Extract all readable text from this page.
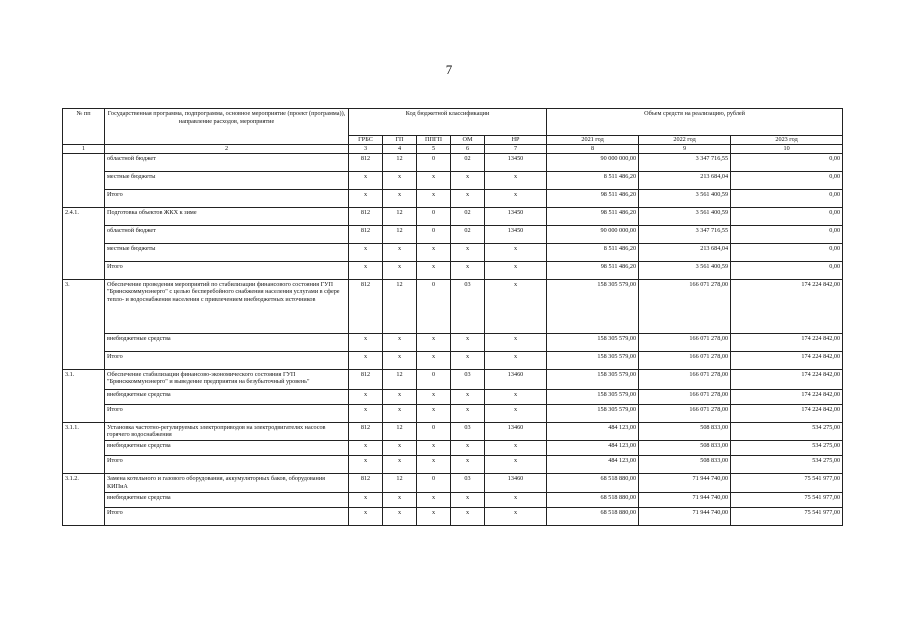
7
№ пп	Государственная программа, подпрограмма, основное мероприятие (проект (программа)), направление расходов, мероприятие	Код бюджетной классификации					Объем средств на реализацию, рублей		
		ГРБС	ГП	ППГП	ОМ	НР	2021 год	2022 год	2023 год
1	2	3	4	5	6	7	8	9	10
	областной бюджет	812	12	0	02	13450	90 000 000,00	3 347 716,55	0,00
	местные бюджеты	х	х	х	х	х	8 511 486,20	213 684,04	0,00
	Итого	х	х	х	х	х	98 511 486,20	3 561 400,59	0,00
2.4.1.	Подготовка объектов ЖКХ к зиме	812	12	0	02	13450	98 511 486,20	3 561 400,59	0,00
	областной бюджет	812	12	0	02	13450	90 000 000,00	3 347 716,55	0,00
	местные бюджеты	х	х	х	х	х	8 511 486,20	213 684,04	0,00
	Итого	х	х	х	х	х	98 511 486,20	3 561 400,59	0,00
3.	Обеспечение проведения мероприятий по стабилизации финансового состояния ГУП "Брянсккоммунэнерго" с целью бесперебойного снабжения населения услугами в сфере тепло- и водоснабжения населения с привлечением внебюджетных источников	812	12	0	03	х	158 305 579,00	166 071 278,00	174 224 842,00
	внебюджетные средства	х	х	х	х	х	158 305 579,00	166 071 278,00	174 224 842,00
	Итого	х	х	х	х	х	158 305 579,00	166 071 278,00	174 224 842,00
3.1.	Обеспечение стабилизации финансово-экономического состояния ГУП "Брянсккоммунэнерго" и выведение предприятия на безубыточный уровень"	812	12	0	03	13460	158 305 579,00	166 071 278,00	174 224 842,00
	внебюджетные средства	х	х	х	х	х	158 305 579,00	166 071 278,00	174 224 842,00
	Итого	х	х	х	х	х	158 305 579,00	166 071 278,00	174 224 842,00
3.1.1.	Установка частотно-регулируемых электроприводов на электродвигателях насосов горячего водоснабжения	812	12	0	03	13460	484 123,00	508 833,00	534 275,00
	внебюджетные средства	х	х	х	х	х	484 123,00	508 833,00	534 275,00
	Итого	х	х	х	х	х	484 123,00	508 833,00	534 275,00
3.1.2.	Замена котельного и газового оборудования, аккумуляторных баков, оборудования КИПиА	812	12	0	03	13460	68 518 880,00	71 944 740,00	75 541 977,00
	внебюджетные средства	х	х	х	х	х	68 518 880,00	71 944 740,00	75 541 977,00
	Итого	х	х	х	х	х	68 518 880,00	71 944 740,00	75 541 977,00
